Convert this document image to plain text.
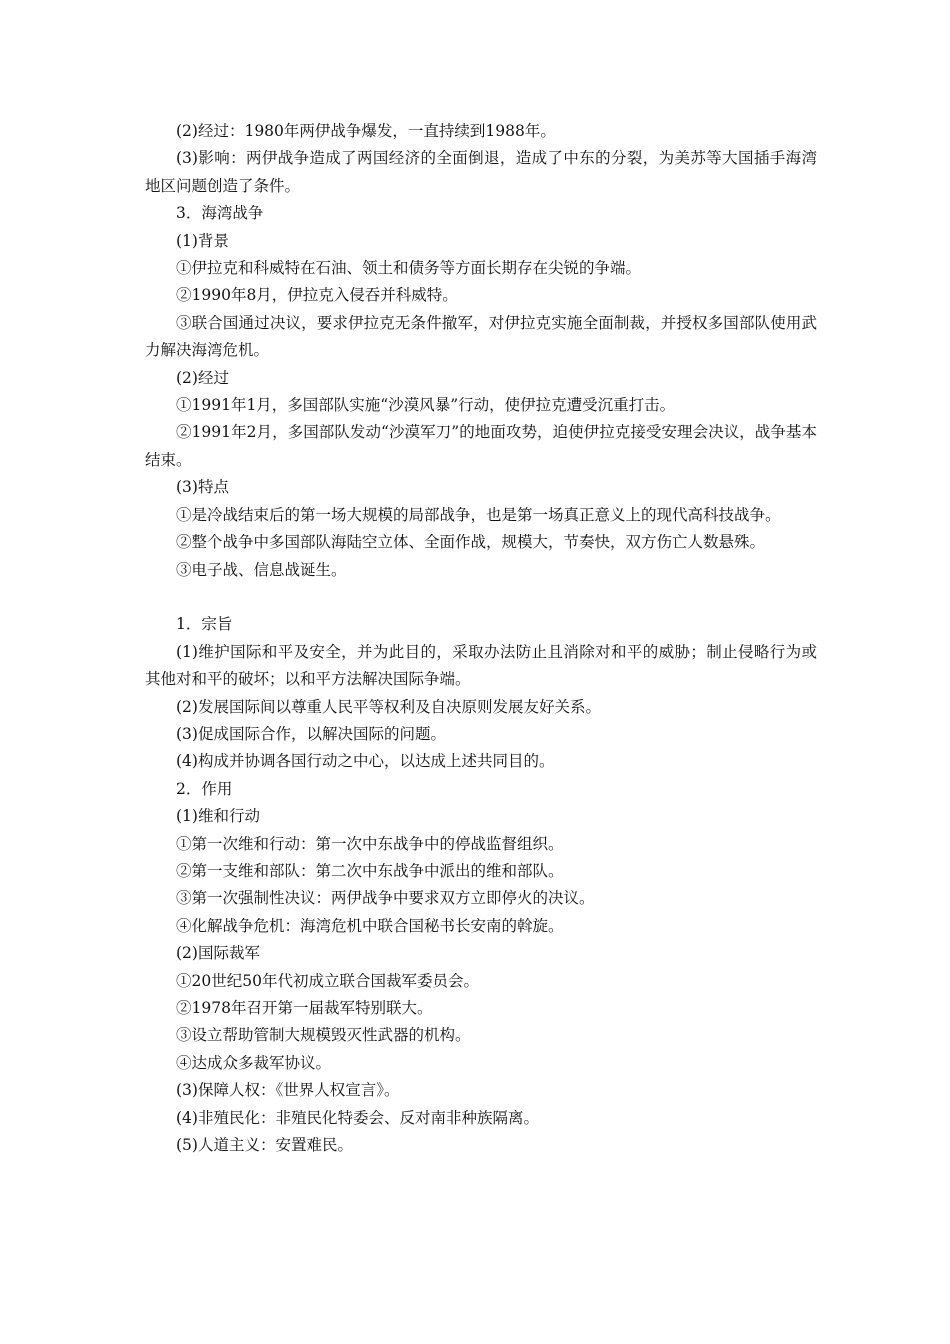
(2)经过：1980年两伊战争爆发，一直持续到1988年。

(3)影响：两伊战争造成了两国经济的全面倒退，造成了中东的分裂，为美苏等大国插手海湾地区问题创造了条件。

3．海湾战争

(1)背景

①伊拉克和科威特在石油、领土和债务等方面长期存在尖锐的争端。

②1990年8月，伊拉克入侵吞并科威特。

③联合国通过决议，要求伊拉克无条件撤军，对伊拉克实施全面制裁，并授权多国部队使用武力解决海湾危机。

(2)经过

①1991年1月，多国部队实施“沙漠风暴”行动，使伊拉克遭受沉重打击。

②1991年2月，多国部队发动“沙漠军刀”的地面攻势，迫使伊拉克接受安理会决议，战争基本结束。

(3)特点

①是冷战结束后的第一场大规模的局部战争，也是第一场真正意义上的现代高科技战争。

②整个战争中多国部队海陆空立体、全面作战，规模大，节奏快，双方伤亡人数悬殊。

③电子战、信息战诞生。

1．宗旨

(1)维护国际和平及安全，并为此目的，采取办法防止且消除对和平的威胁；制止侵略行为或其他对和平的破坏；以和平方法解决国际争端。

(2)发展国际间以尊重人民平等权利及自决原则发展友好关系。

(3)促成国际合作，以解决国际的问题。

(4)构成并协调各国行动之中心，以达成上述共同目的。

2．作用

(1)维和行动

①第一次维和行动：第一次中东战争中的停战监督组织。

②第一支维和部队：第二次中东战争中派出的维和部队。

③第一次强制性决议：两伊战争中要求双方立即停火的决议。

④化解战争危机：海湾危机中联合国秘书长安南的斡旋。

(2)国际裁军

①20世纪50年代初成立联合国裁军委员会。

②1978年召开第一届裁军特别联大。

③设立帮助管制大规模毁灭性武器的机构。

④达成众多裁军协议。

(3)保障人权：《世界人权宣言》。

(4)非殖民化：非殖民化特委会、反对南非种族隔离。

(5)人道主义：安置难民。
